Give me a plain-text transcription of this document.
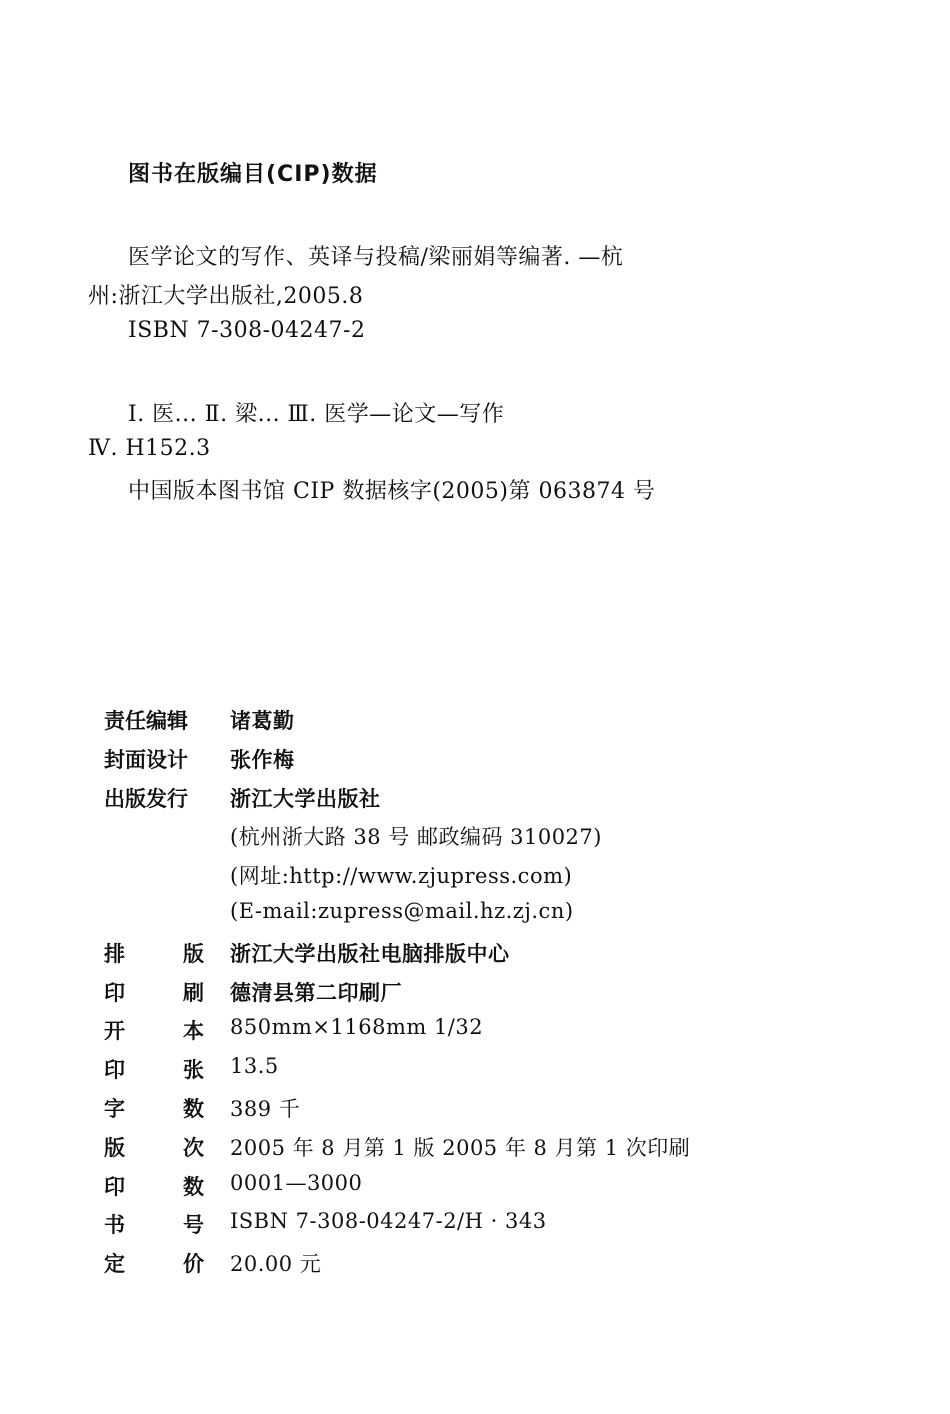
图书在版编目(CIP)数据
医学论文的写作、英译与投稿/梁丽娟等编著. —杭
州:浙江大学出版社,2005.8
ISBN 7-308-04247-2
Ⅰ. 医... Ⅱ. 梁... Ⅲ. 医学—论文—写作
Ⅳ. H152.3
中国版本图书馆 CIP 数据核字(2005)第 063874 号
责任编辑	诸葛勤
封面设计	张作梅
出版发行	浙江大学出版社
(杭州浙大路 38 号 邮政编码 310027)
(网址:http://www.zjupress.com)
(E-mail:zupress@mail.hz.zj.cn)
排	版 浙江大学出版社电脑排版中心
印	刷 德清县第二印刷厂
开	本 850mm×1168mm 1/32
印	张 13.5
字	数 389 千
版	次 2005 年 8 月第 1 版 2005 年 8 月第 1 次印刷
印	数 0001—3000
书	号 ISBN 7-308-04247-2/H · 343
定	价 20.00 元
